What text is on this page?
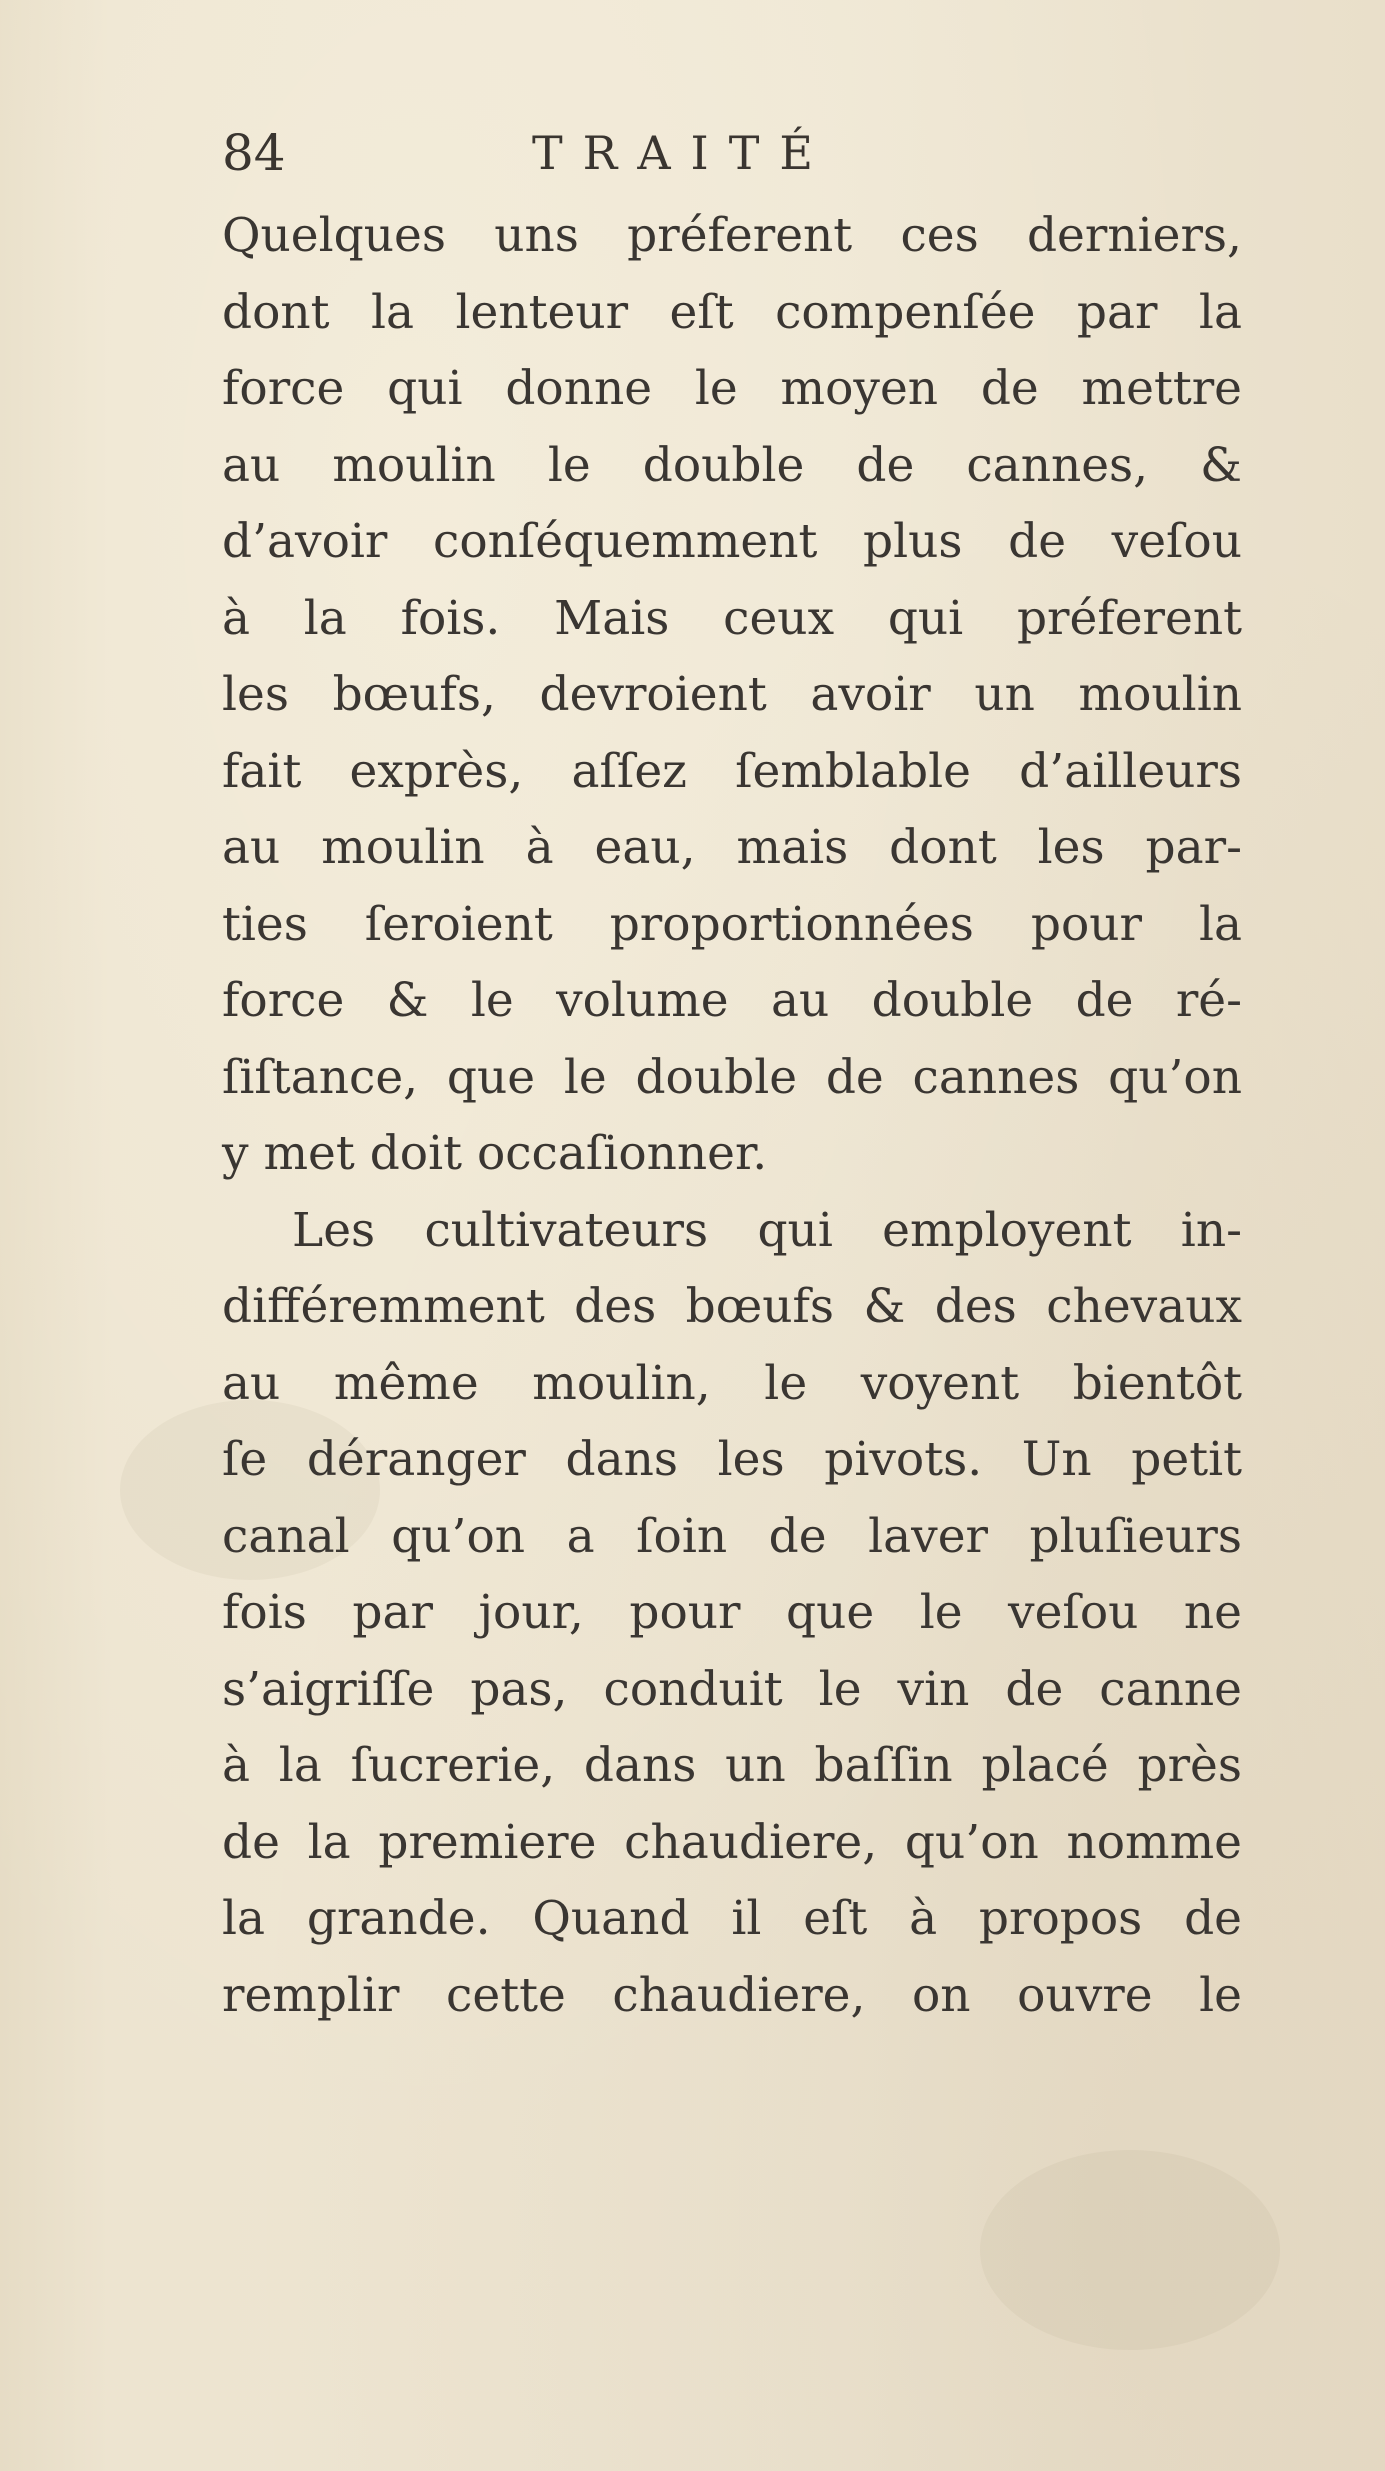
84	TRAITÉ
Quelques uns préferent ces derniers,
dont la lenteur eſt compenſée par la
force qui donne le moyen de mettre
au moulin le double de cannes, &
d’avoir conſéquemment plus de veſou
à la fois. Mais ceux qui préferent
les bœufs, devroient avoir un moulin
fait exprès, aſſez ſemblable d’ailleurs
au moulin à eau, mais dont les par-
ties ſeroient proportionnées pour la
force & le volume au double de ré-
ſiſtance, que le double de cannes qu’on
y met doit occaſionner.
Les cultivateurs qui employent in-
différemment des bœufs & des chevaux
au même moulin, le voyent bientôt
ſe déranger dans les pivots. Un petit
canal qu’on a ſoin de laver pluſieurs
fois par jour, pour que le veſou ne
s’aigriſſe pas, conduit le vin de canne
à la ſucrerie, dans un baſſin placé près
de la premiere chaudiere, qu’on nomme
la grande. Quand il eſt à propos de
remplir cette chaudiere, on ouvre le
